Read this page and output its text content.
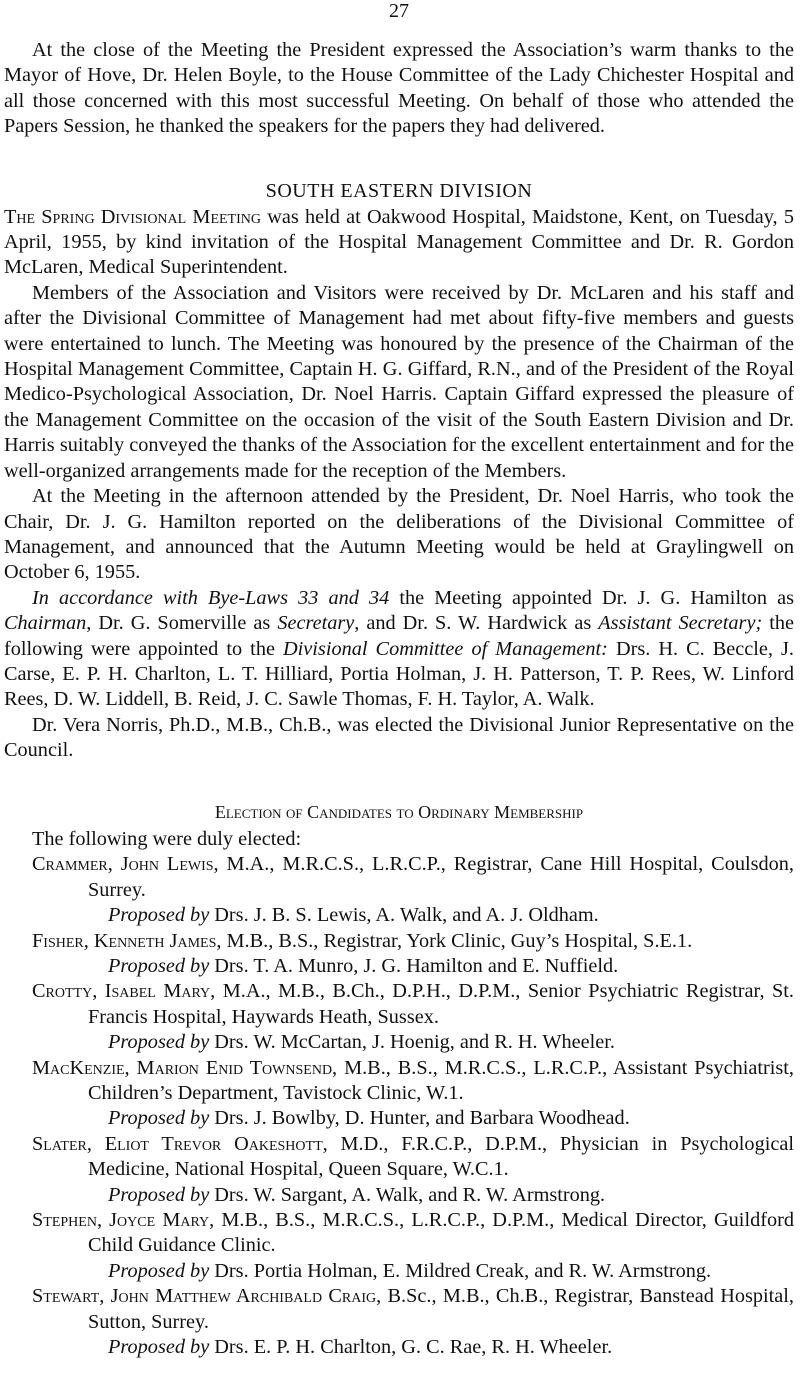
27

At the close of the Meeting the President expressed the Association’s warm thanks to the Mayor of Hove, Dr. Helen Boyle, to the House Committee of the Lady Chichester Hospital and all those concerned with this most successful Meeting. On behalf of those who attended the Papers Session, he thanked the speakers for the papers they had delivered.

SOUTH EASTERN DIVISION

The Spring Divisional Meeting was held at Oakwood Hospital, Maidstone, Kent, on Tuesday, 5 April, 1955, by kind invitation of the Hospital Management Committee and Dr. R. Gordon McLaren, Medical Superintendent.

Members of the Association and Visitors were received by Dr. McLaren and his staff and after the Divisional Committee of Management had met about fifty-five members and guests were entertained to lunch. The Meeting was honoured by the presence of the Chairman of the Hospital Management Committee, Captain H. G. Giffard, R.N., and of the President of the Royal Medico-Psychological Association, Dr. Noel Harris. Captain Giffard expressed the pleasure of the Management Committee on the occasion of the visit of the South Eastern Division and Dr. Harris suitably conveyed the thanks of the Association for the excellent entertainment and for the well-organized arrangements made for the reception of the Members.

At the Meeting in the afternoon attended by the President, Dr. Noel Harris, who took the Chair, Dr. J. G. Hamilton reported on the deliberations of the Divisional Committee of Management, and announced that the Autumn Meeting would be held at Graylingwell on October 6, 1955.

In accordance with Bye-Laws 33 and 34 the Meeting appointed Dr. J. G. Hamilton as Chairman, Dr. G. Somerville as Secretary, and Dr. S. W. Hardwick as Assistant Secretary; the following were appointed to the Divisional Committee of Management: Drs. H. C. Beccle, J. Carse, E. P. H. Charlton, L. T. Hilliard, Portia Holman, J. H. Patterson, T. P. Rees, W. Linford Rees, D. W. Liddell, B. Reid, J. C. Sawle Thomas, F. H. Taylor, A. Walk.

Dr. Vera Norris, Ph.D., M.B., Ch.B., was elected the Divisional Junior Representative on the Council.

Election of Candidates to Ordinary Membership

The following were duly elected:

Crammer, John Lewis, M.A., M.R.C.S., L.R.C.P., Registrar, Cane Hill Hospital, Coulsdon, Surrey.

Proposed by Drs. J. B. S. Lewis, A. Walk, and A. J. Oldham.

Fisher, Kenneth James, M.B., B.S., Registrar, York Clinic, Guy’s Hospital, S.E.1.

Proposed by Drs. T. A. Munro, J. G. Hamilton and E. Nuffield.

Crotty, Isabel Mary, M.A., M.B., B.Ch., D.P.H., D.P.M., Senior Psychiatric Registrar, St. Francis Hospital, Haywards Heath, Sussex.

Proposed by Drs. W. McCartan, J. Hoenig, and R. H. Wheeler.

MacKenzie, Marion Enid Townsend, M.B., B.S., M.R.C.S., L.R.C.P., Assistant Psychiatrist, Children’s Department, Tavistock Clinic, W.1.

Proposed by Drs. J. Bowlby, D. Hunter, and Barbara Woodhead.

Slater, Eliot Trevor Oakeshott, M.D., F.R.C.P., D.P.M., Physician in Psychological Medicine, National Hospital, Queen Square, W.C.1.

Proposed by Drs. W. Sargant, A. Walk, and R. W. Armstrong.

Stephen, Joyce Mary, M.B., B.S., M.R.C.S., L.R.C.P., D.P.M., Medical Director, Guildford Child Guidance Clinic.

Proposed by Drs. Portia Holman, E. Mildred Creak, and R. W. Armstrong.

Stewart, John Matthew Archibald Craig, B.Sc., M.B., Ch.B., Registrar, Banstead Hospital, Sutton, Surrey.

Proposed by Drs. E. P. H. Charlton, G. C. Rae, R. H. Wheeler.
